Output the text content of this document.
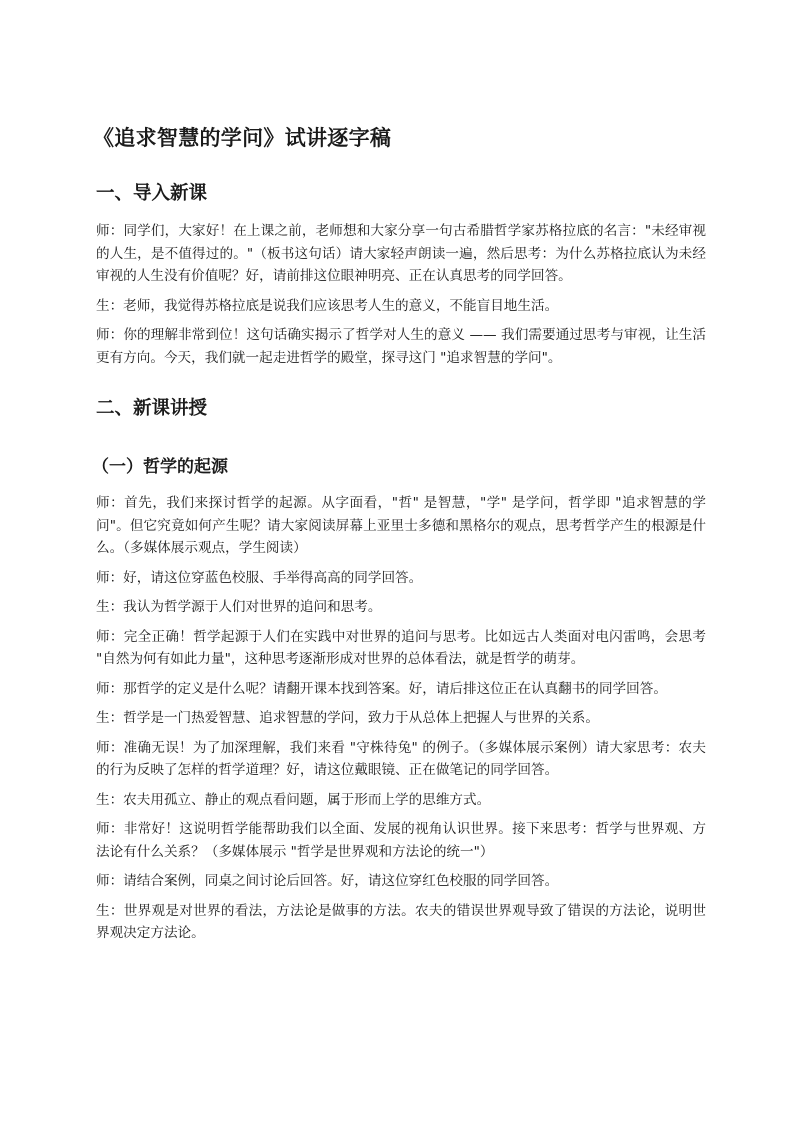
《追求智慧的学问》试讲逐字稿
一、导入新课

师：同学们，大家好！在上课之前，老师想和大家分享一句古希腊哲学家苏格拉底的名言："未经审视的人生，是不值得过的。"（板书这句话）请大家轻声朗读一遍，然后思考：为什么苏格拉底认为未经审视的人生没有价值呢？好，请前排这位眼神明亮、正在认真思考的同学回答。

生：老师，我觉得苏格拉底是说我们应该思考人生的意义，不能盲目地生活。

师：你的理解非常到位！这句话确实揭示了哲学对人生的意义 —— 我们需要通过思考与审视，让生活更有方向。今天，我们就一起走进哲学的殿堂，探寻这门 "追求智慧的学问"。

二、新课讲授
（一）哲学的起源

师：首先，我们来探讨哲学的起源。从字面看，"哲" 是智慧，"学" 是学问，哲学即 "追求智慧的学问"。但它究竟如何产生呢？请大家阅读屏幕上亚里士多德和黑格尔的观点，思考哲学产生的根源是什么。（多媒体展示观点，学生阅读）

师：好，请这位穿蓝色校服、手举得高高的同学回答。

生：我认为哲学源于人们对世界的追问和思考。

师：完全正确！哲学起源于人们在实践中对世界的追问与思考。比如远古人类面对电闪雷鸣，会思考 "自然为何有如此力量"，这种思考逐渐形成对世界的总体看法，就是哲学的萌芽。

师：那哲学的定义是什么呢？请翻开课本找到答案。好，请后排这位正在认真翻书的同学回答。

生：哲学是一门热爱智慧、追求智慧的学问，致力于从总体上把握人与世界的关系。

师：准确无误！为了加深理解，我们来看 "守株待兔" 的例子。（多媒体展示案例）请大家思考：农夫的行为反映了怎样的哲学道理？好，请这位戴眼镜、正在做笔记的同学回答。

生：农夫用孤立、静止的观点看问题，属于形而上学的思维方式。

师：非常好！这说明哲学能帮助我们以全面、发展的视角认识世界。接下来思考：哲学与世界观、方法论有什么关系？（多媒体展示 "哲学是世界观和方法论的统一"）

师：请结合案例，同桌之间讨论后回答。好，请这位穿红色校服的同学回答。

生：世界观是对世界的看法，方法论是做事的方法。农夫的错误世界观导致了错误的方法论，说明世界观决定方法论。
